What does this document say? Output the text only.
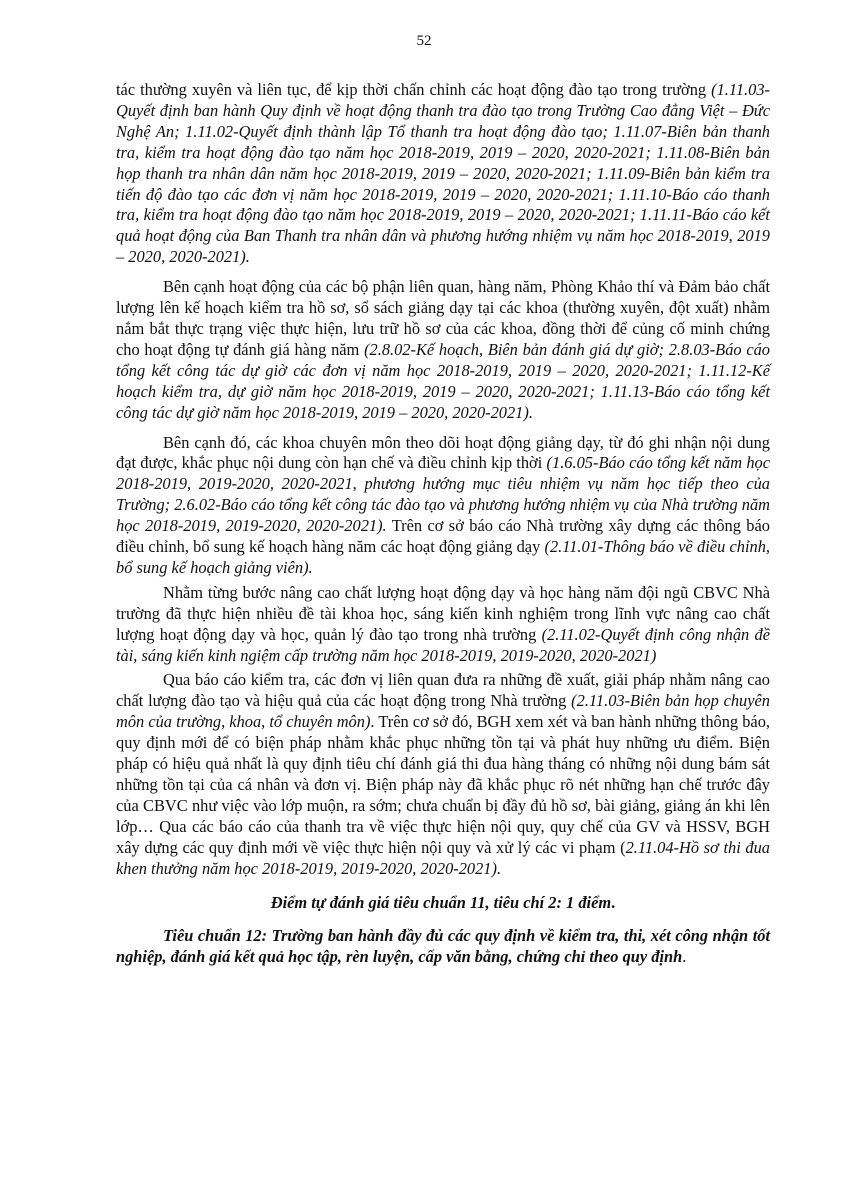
52

tác thường xuyên và liên tục, để kịp thời chấn chỉnh các hoạt động đào tạo trong trường (1.11.03-Quyết định ban hành Quy định về hoạt động thanh tra đào tạo trong Trường Cao đẳng Việt – Đức Nghệ An; 1.11.02-Quyết định thành lập Tổ thanh tra hoạt động đào tạo; 1.11.07-Biên bản thanh tra, kiểm tra hoạt động đào tạo năm học 2018-2019, 2019 – 2020, 2020-2021; 1.11.08-Biên bản họp thanh tra nhân dân năm học 2018-2019, 2019 – 2020, 2020-2021; 1.11.09-Biên bản kiểm tra tiến độ đào tạo các đơn vị năm học 2018-2019, 2019 – 2020, 2020-2021; 1.11.10-Báo cáo thanh tra, kiểm tra hoạt động đào tạo năm học 2018-2019, 2019 – 2020, 2020-2021; 1.11.11-Báo cáo kết quả hoạt động của Ban Thanh tra nhân dân và phương hướng nhiệm vụ năm học 2018-2019, 2019 – 2020, 2020-2021).

Bên cạnh hoạt động của các bộ phận liên quan, hàng năm, Phòng Khảo thí và Đảm bảo chất lượng lên kế hoạch kiểm tra hồ sơ, sổ sách giảng dạy tại các khoa (thường xuyên, đột xuất) nhằm nắm bắt thực trạng việc thực hiện, lưu trữ hồ sơ của các khoa, đồng thời để củng cố minh chứng cho hoạt động tự đánh giá hàng năm (2.8.02-Kế hoạch, Biên bản đánh giá dự giờ; 2.8.03-Báo cáo tổng kết công tác dự giờ các đơn vị năm học 2018-2019, 2019 – 2020, 2020-2021; 1.11.12-Kế hoạch kiểm tra, dự giờ năm học 2018-2019, 2019 – 2020, 2020-2021; 1.11.13-Báo cáo tổng kết công tác dự giờ năm học 2018-2019, 2019 – 2020, 2020-2021).

Bên cạnh đó, các khoa chuyên môn theo dõi hoạt động giảng dạy, từ đó ghi nhận nội dung đạt được, khắc phục nội dung còn hạn chế và điều chỉnh kịp thời (1.6.05-Báo cáo tổng kết năm học 2018-2019, 2019-2020, 2020-2021, phương hướng mục tiêu nhiệm vụ năm học tiếp theo của Trường; 2.6.02-Báo cáo tổng kết công tác đào tạo và phương hướng nhiệm vụ của Nhà trường năm học 2018-2019, 2019-2020, 2020-2021). Trên cơ sở báo cáo Nhà trường xây dựng các thông báo điều chỉnh, bổ sung kế hoạch hàng năm các hoạt động giảng dạy (2.11.01-Thông báo về điều chỉnh, bổ sung kế hoạch giảng viên).

Nhằm từng bước nâng cao chất lượng hoạt động dạy và học hàng năm đội ngũ CBVC Nhà trường đã thực hiện nhiều đề tài khoa học, sáng kiến kinh nghiệm trong lĩnh vực nâng cao chất lượng hoạt động dạy và học, quản lý đào tạo trong nhà trường (2.11.02-Quyết định công nhận đề tài, sáng kiến kinh ngiệm cấp trường năm học 2018-2019, 2019-2020, 2020-2021)

Qua báo cáo kiểm tra, các đơn vị liên quan đưa ra những đề xuất, giải pháp nhằm nâng cao chất lượng đào tạo và hiệu quả của các hoạt động trong Nhà trường (2.11.03-Biên bản họp chuyên môn của trường, khoa, tổ chuyên môn). Trên cơ sở đó, BGH xem xét và ban hành những thông báo, quy định mới để có biện pháp nhằm khắc phục những tồn tại và phát huy những ưu điểm. Biện pháp có hiệu quả nhất là quy định tiêu chí đánh giá thi đua hàng tháng có những nội dung bám sát những tồn tại của cá nhân và đơn vị. Biện pháp này đã khắc phục rõ nét những hạn chế trước đây của CBVC như việc vào lớp muộn, ra sớm; chưa chuẩn bị đầy đủ hồ sơ, bài giảng, giảng án khi lên lớp… Qua các báo cáo của thanh tra về việc thực hiện nội quy, quy chế của GV và HSSV, BGH xây dựng các quy định mới về việc thực hiện nội quy và xử lý các vi phạm (2.11.04-Hồ sơ thi đua khen thưởng năm học 2018-2019, 2019-2020, 2020-2021).

Điểm tự đánh giá tiêu chuẩn 11, tiêu chí 2: 1 điểm.

Tiêu chuẩn 12: Trường ban hành đầy đủ các quy định về kiểm tra, thi, xét công nhận tốt nghiệp, đánh giá kết quả học tập, rèn luyện, cấp văn bằng, chứng chỉ theo quy định.
